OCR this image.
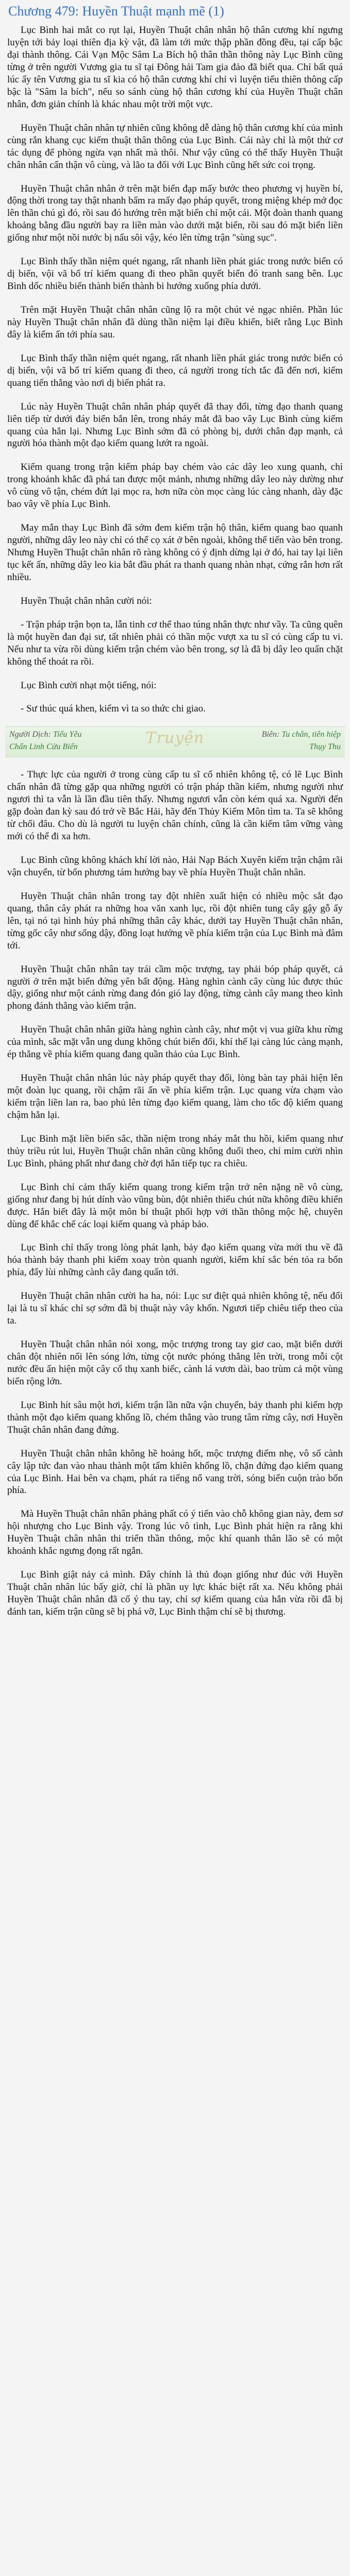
Chương 479: Huyền Thuật mạnh mẽ (1)

Lục Bình hai mắt co rụt lại, Huyền Thuật chân nhân hộ thân cương khí ngưng luyện tới bảy loại thiên địa kỳ vật, đã làm tới mức thập phần đồng đều, tại cấp bậc đại thành thông. Cái Vạn Mộc Sâm La Bích hộ thân thần thông này Lục Bình cũng từng ở trên người Vương gia tu sĩ tại Đông hải Tam gia đảo đã biết qua. Chỉ bất quá lúc ấy tên Vương gia tu sĩ kia có hộ thân cương khí chỉ vì luyện tiểu thiên thông cấp bậc là "Sâm la bích", nếu so sánh cùng hộ thân cương khí của Huyền Thuật chân nhân, đơn giản chính là khác nhau một trời một vực.

Huyền Thuật chân nhân tự nhiên cũng không dễ dàng hộ thân cương khí của mình cùng rắn khang cục kiếm thuật thân thông của Lục Bình. Cái này chỉ là một thử cơ tác dụng để phòng ngừa vạn nhất mà thôi. Như vậy cũng có thể thấy Huyền Thuật chân nhân cẩn thận vô cùng, và lão ta đối với Lục Bình cũng hết sức coi trọng.

Huyền Thuật chân nhân ở trên mặt biển đạp mấy bước theo phương vị huyền bí, động thời trong tay thật nhanh bấm ra mấy đạo pháp quyết, trong miệng khép mở đọc lên thần chú gì đó, rồi sau đó hướng trên mặt biển chỉ một cái. Một đoàn thanh quang khoảng bằng đầu người bay ra liền màn vào dưới mặt biển, rồi sau đó mặt biển liền giống như một nồi nước bị nấu sôi vậy, kéo lên từng trận "sùng sục".

Lục Bình thấy thần niệm quét ngang, rất nhanh liền phát giác trong nước biển có dị biến, vội vã bố trí kiếm quang đi theo phần quyết biển đó tranh sang bên. Lục Bình dốc nhiều biến thành biến thành bi hướng xuống phía dưới.

Trên mặt Huyền Thuật chân nhân cũng lộ ra một chút vẻ ngạc nhiên. Phần lúc này Huyền Thuật chân nhân đã dùng thần niệm lại điều khiển, biết rằng Lục Bình đây là kiếm ấn tới phía sau.

Lục Bình thấy thần niệm quét ngang, rất nhanh liền phát giác trong nước biển có dị biến, vội vã bố trí kiếm quang đi theo, cả người trong tích tắc đã đến nơi, kiếm quang tiến thẳng vào nơi dị biến phát ra.

Lúc này Huyền Thuật chân nhân pháp quyết đã thay đổi, từng đạo thanh quang liên tiếp từ dưới đáy biển bắn lên, trong nháy mắt đã bao vây Lục Bình cùng kiếm quang của hắn lại. Nhưng Lục Bình sớm đã có phòng bị, dưới chân đạp mạnh, cả người hóa thành một đạo kiếm quang lướt ra ngoài.

Kiếm quang trong trận kiếm pháp bay chém vào các dây leo xung quanh, chỉ trong khoảnh khắc đã phá tan được một mảnh, nhưng những dây leo này dường như vô cùng vô tận, chém đứt lại mọc ra, hơn nữa còn mọc càng lúc càng nhanh, dày đặc bao vây về phía Lục Bình.

May mắn thay Lục Bình đã sớm đem kiếm trận hộ thân, kiếm quang bao quanh người, những dây leo này chỉ có thể cọ xát ở bên ngoài, không thể tiến vào bên trong. Nhưng Huyền Thuật chân nhân rõ ràng không có ý định dừng lại ở đó, hai tay lại liên tục kết ấn, những dây leo kia bắt đầu phát ra thanh quang nhàn nhạt, cứng rắn hơn rất nhiều.

Huyền Thuật chân nhân cười nói:

- Trận pháp trận bọn ta, lẫn tinh cơ thể thao túng nhân thực như vầy. Ta cũng quên là một huyền đan đại sư, tất nhiên phải có thần mộc vượt xa tu sĩ có cùng cấp tu vi. Nếu như ta vừa rồi dùng kiếm trận chém vào bên trong, sợ là đã bị dây leo quấn chặt không thể thoát ra rồi.

Lục Bình cười nhạt một tiếng, nói:

- Sư thúc quá khen, kiếm vì ta so thức chi giao.

Truyện
Người Dịch: Tiểu Yêu	Biên: Tu chân, tiên hiệp
Chấn Linh Cửu Biến	Thụy Thu

- Thực lực của người ở trong cùng cấp tu sĩ cố nhiên không tệ, có lẽ Lục Bình chấn nhân đã từng gặp qua những người có trận pháp thần kiếm, nhưng người như ngươi thì ta vẫn là lần đầu tiên thấy. Nhưng ngươi vẫn còn kém quá xa. Người đến gặp đoàn đan kỳ sau đó trở về Bắc Hải, hãy đến Thủy Kiếm Môn tìm ta. Ta sẽ không từ chối đâu. Cho dù là người tu luyện chân chính, cũng là cần kiếm tâm vững vàng mới có thể đi xa hơn.

Lục Bình cũng không khách khí lời nào, Hải Nạp Bách Xuyên kiếm trận chậm rãi vận chuyển, từ bốn phương tám hướng bay về phía Huyền Thuật chân nhân.

Huyền Thuật chân nhân trong tay đột nhiên xuất hiện có nhiều mộc sắt đạo quang, thân cây phát ra những hoa văn xanh lục, rồi đột nhiên tung cây gậy gỗ ấy lên, tại nó tại hình hủy phá những thân cây khác, dưới tay Huyền Thuật chân nhân, từng gốc cây như sống dậy, đồng loạt hướng về phía kiếm trận của Lục Bình mà đâm tới.

Huyền Thuật chân nhân tay trái cầm mộc trượng, tay phải bóp pháp quyết, cả người ở trên mặt biển đứng yên bất động. Hàng nghìn cành cây cùng lúc được thúc dậy, giống như một cánh rừng đang đón gió lay động, từng cành cây mang theo kình phong đánh thẳng vào kiếm trận.

Huyền Thuật chân nhân giữa hàng nghìn cành cây, như một vị vua giữa khu rừng của mình, sắc mặt vẫn ung dung không chút biến đổi, khí thế lại càng lúc càng mạnh, ép thẳng về phía kiếm quang đang quần thảo của Lục Bình.

Huyền Thuật chân nhân lúc này pháp quyết thay đổi, lòng bàn tay phải hiện lên một đoàn lục quang, rồi chậm rãi ấn về phía kiếm trận. Lục quang vừa chạm vào kiếm trận liền lan ra, bao phủ lên từng đạo kiếm quang, làm cho tốc độ kiếm quang chậm hẳn lại.

Lục Bình mặt liền biến sắc, thần niệm trong nháy mắt thu hồi, kiếm quang như thủy triều rút lui, Huyền Thuật chân nhân cũng không đuổi theo, chỉ mỉm cười nhìn Lục Bình, phảng phất như đang chờ đợi hắn tiếp tục ra chiêu.

Lục Bình chỉ cảm thấy kiếm quang trong kiếm trận trở nên nặng nề vô cùng, giống như đang bị hút dính vào vũng bùn, đột nhiên thiếu chút nữa không điều khiển được. Hắn biết đây là một môn bí thuật phối hợp với thần thông mộc hệ, chuyên dùng để khắc chế các loại kiếm quang và pháp bảo.

Lục Bình chỉ thấy trong lòng phát lạnh, bảy đạo kiếm quang vừa mới thu về đã hóa thành bảy thanh phi kiếm xoay tròn quanh người, kiếm khí sắc bén tỏa ra bốn phía, đẩy lùi những cành cây đang quấn tới.

Huyền Thuật chân nhân cười ha ha, nói: Lục sư điệt quả nhiên không tệ, nếu đổi lại là tu sĩ khác chỉ sợ sớm đã bị thuật này vây khốn. Ngươi tiếp chiêu tiếp theo của ta.

Huyền Thuật chân nhân nói xong, mộc trượng trong tay giơ cao, mặt biển dưới chân đột nhiên nổi lên sóng lớn, từng cột nước phóng thẳng lên trời, trong mỗi cột nước đều ẩn hiện một cây cổ thụ xanh biếc, cành lá vươn dài, bao trùm cả một vùng biển rộng lớn.

Lục Bình hít sâu một hơi, kiếm trận lần nữa vận chuyển, bảy thanh phi kiếm hợp thành một đạo kiếm quang khổng lồ, chém thẳng vào trung tâm rừng cây, nơi Huyền Thuật chân nhân đang đứng.

Huyền Thuật chân nhân không hề hoảng hốt, mộc trượng điểm nhẹ, vô số cành cây lập tức đan vào nhau thành một tấm khiên khổng lồ, chặn đứng đạo kiếm quang của Lục Bình. Hai bên va chạm, phát ra tiếng nổ vang trời, sóng biển cuộn trào bốn phía.

Mà Huyền Thuật chân nhân phảng phất có ý tiến vào chỗ không gian này, đem sơ hội nhượng cho Lục Bình vậy. Trong lúc vô tình, Lục Bình phát hiện ra rằng khi Huyền Thuật chân nhân thi triển thần thông, mộc khí quanh thân lão sẽ có một khoảnh khắc ngưng đọng rất ngắn.

Lục Bình giật nảy cả mình. Đây chính là thủ đoạn giống như đúc với Huyền Thuật chân nhân lúc bấy giờ, chỉ là phần uy lực khác biệt rất xa. Nếu không phải Huyền Thuật chân nhân đã cố ý thu tay, chỉ sợ kiếm quang của hắn vừa rồi đã bị đánh tan, kiếm trận cũng sẽ bị phá vỡ, Lục Bình thậm chí sẽ bị thương.
